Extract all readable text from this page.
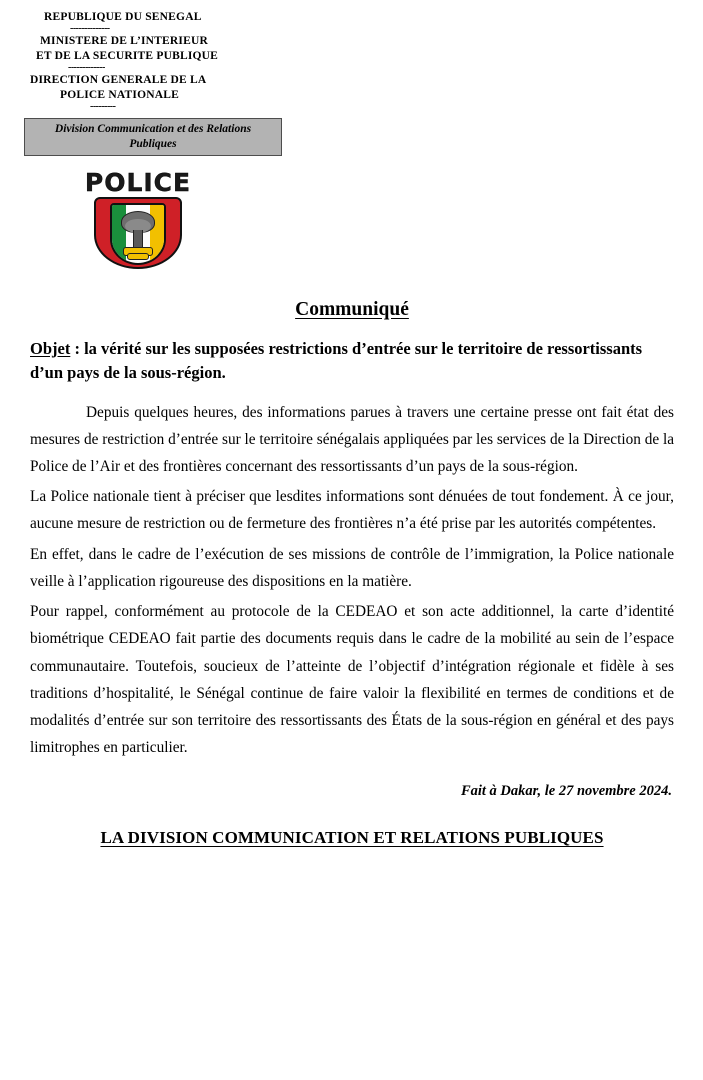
REPUBLIQUE DU SENEGAL
--------------
MINISTERE DE L’INTERIEUR
ET DE LA SECURITE PUBLIQUE
-------------
DIRECTION GENERALE DE LA
POLICE NATIONALE
---------
Division Communication et des Relations
Publiques
POLICE
Communiqué
Objet : la vérité sur les supposées restrictions d’entrée sur le territoire de ressortissants d’un pays de la sous-région.

Depuis quelques heures, des informations parues à travers une certaine presse ont fait état des mesures de restriction d’entrée sur le territoire sénégalais appliquées par les services de la Direction de la Police de l’Air et des frontières concernant des ressortissants d’un pays de la sous-région.

La Police nationale tient à préciser que lesdites informations sont dénuées de tout fondement. À ce jour, aucune mesure de restriction ou de fermeture des frontières n’a été prise par les autorités compétentes.

En effet, dans le cadre de l’exécution de ses missions de contrôle de l’immigration, la Police nationale veille à l’application rigoureuse des dispositions en la matière.

Pour rappel, conformément au protocole de la CEDEAO et son acte additionnel, la carte d’identité biométrique CEDEAO fait partie des documents requis dans le cadre de la mobilité au sein de l’espace communautaire. Toutefois, soucieux de l’atteinte de l’objectif d’intégration régionale et fidèle à ses traditions d’hospitalité, le Sénégal continue de faire valoir la flexibilité en termes de conditions et de modalités d’entrée sur son territoire des ressortissants des États de la sous-région en général et des pays limitrophes en particulier.

Fait à Dakar, le 27 novembre 2024.
LA DIVISION COMMUNICATION ET RELATIONS PUBLIQUES
